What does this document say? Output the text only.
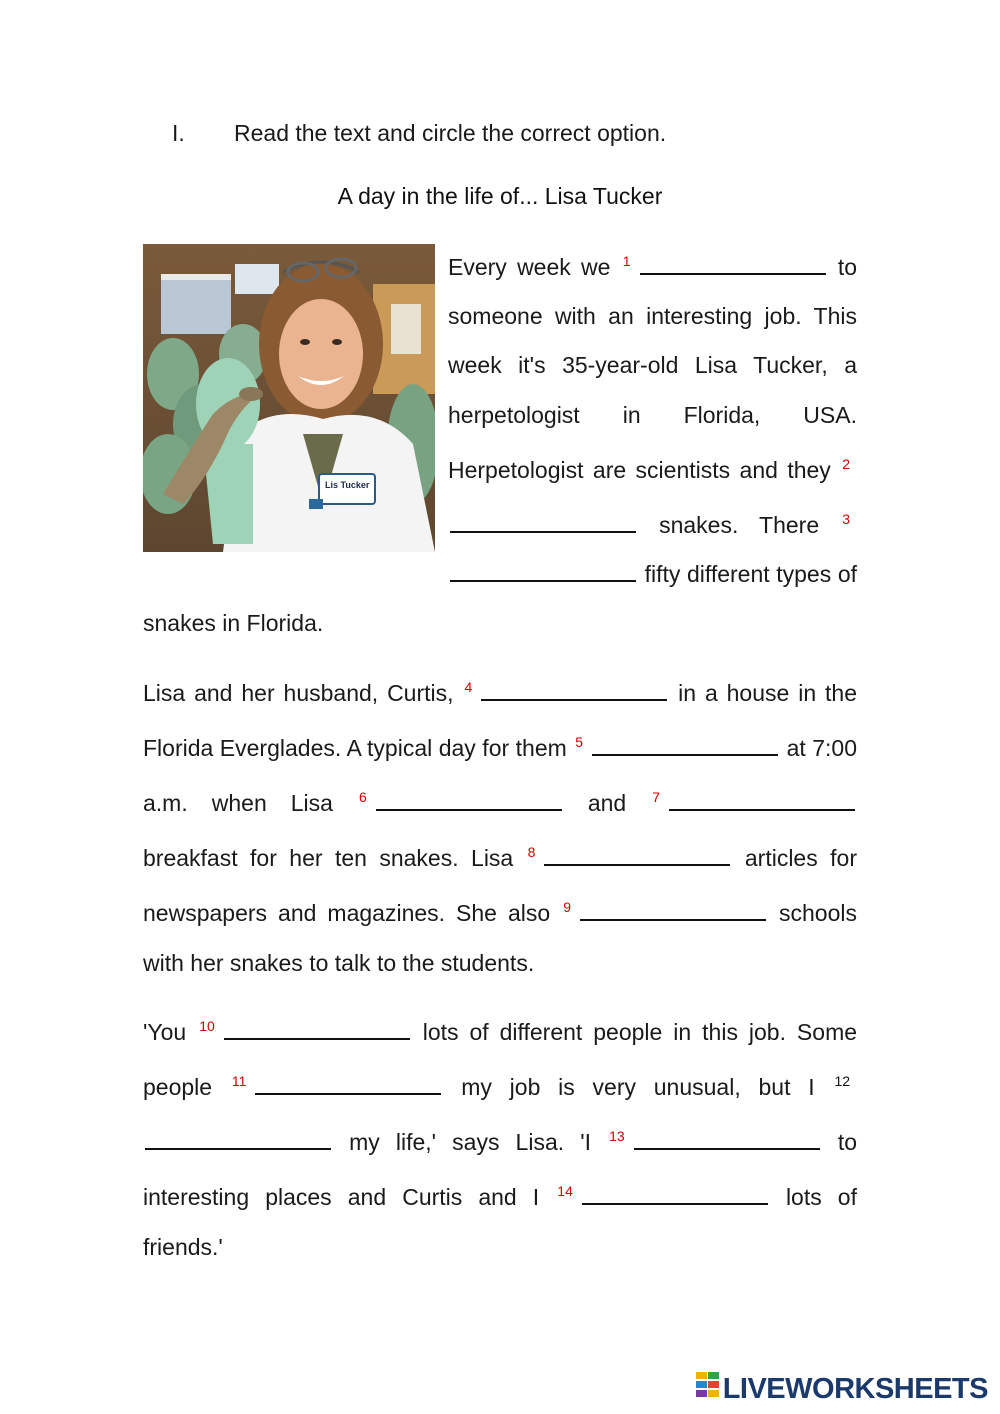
I. Read the text and circle the correct option.
A day in the life of... Lisa Tucker
Lis Tucker

Every week we $^1$	to someone with an interesting job. This week it's 35-year-old Lisa Tucker, a herpetologist in Florida, USA. Herpetologist are scientists and they $^2$ snakes. There $^3$ fifty different types of snakes in Florida.

Lisa and her husband, Curtis, $^4$	in a house in the Florida Everglades. A typical day for them $^5$	at 7:00 a.m. when Lisa $^6$	and $^7$ breakfast for her ten snakes. Lisa $^8$	articles for newspapers and magazines. She also $^9$	schools with her snakes to talk to the students.

'You $^{10}$	lots of different people in this job. Some people $^{11}$	my job is very unusual, but I $^{12}$ my life,' says Lisa. 'I $^{13}$	to interesting places and Curtis and I $^{14}$	lots of friends.'

LIVEWORKSHEETS
